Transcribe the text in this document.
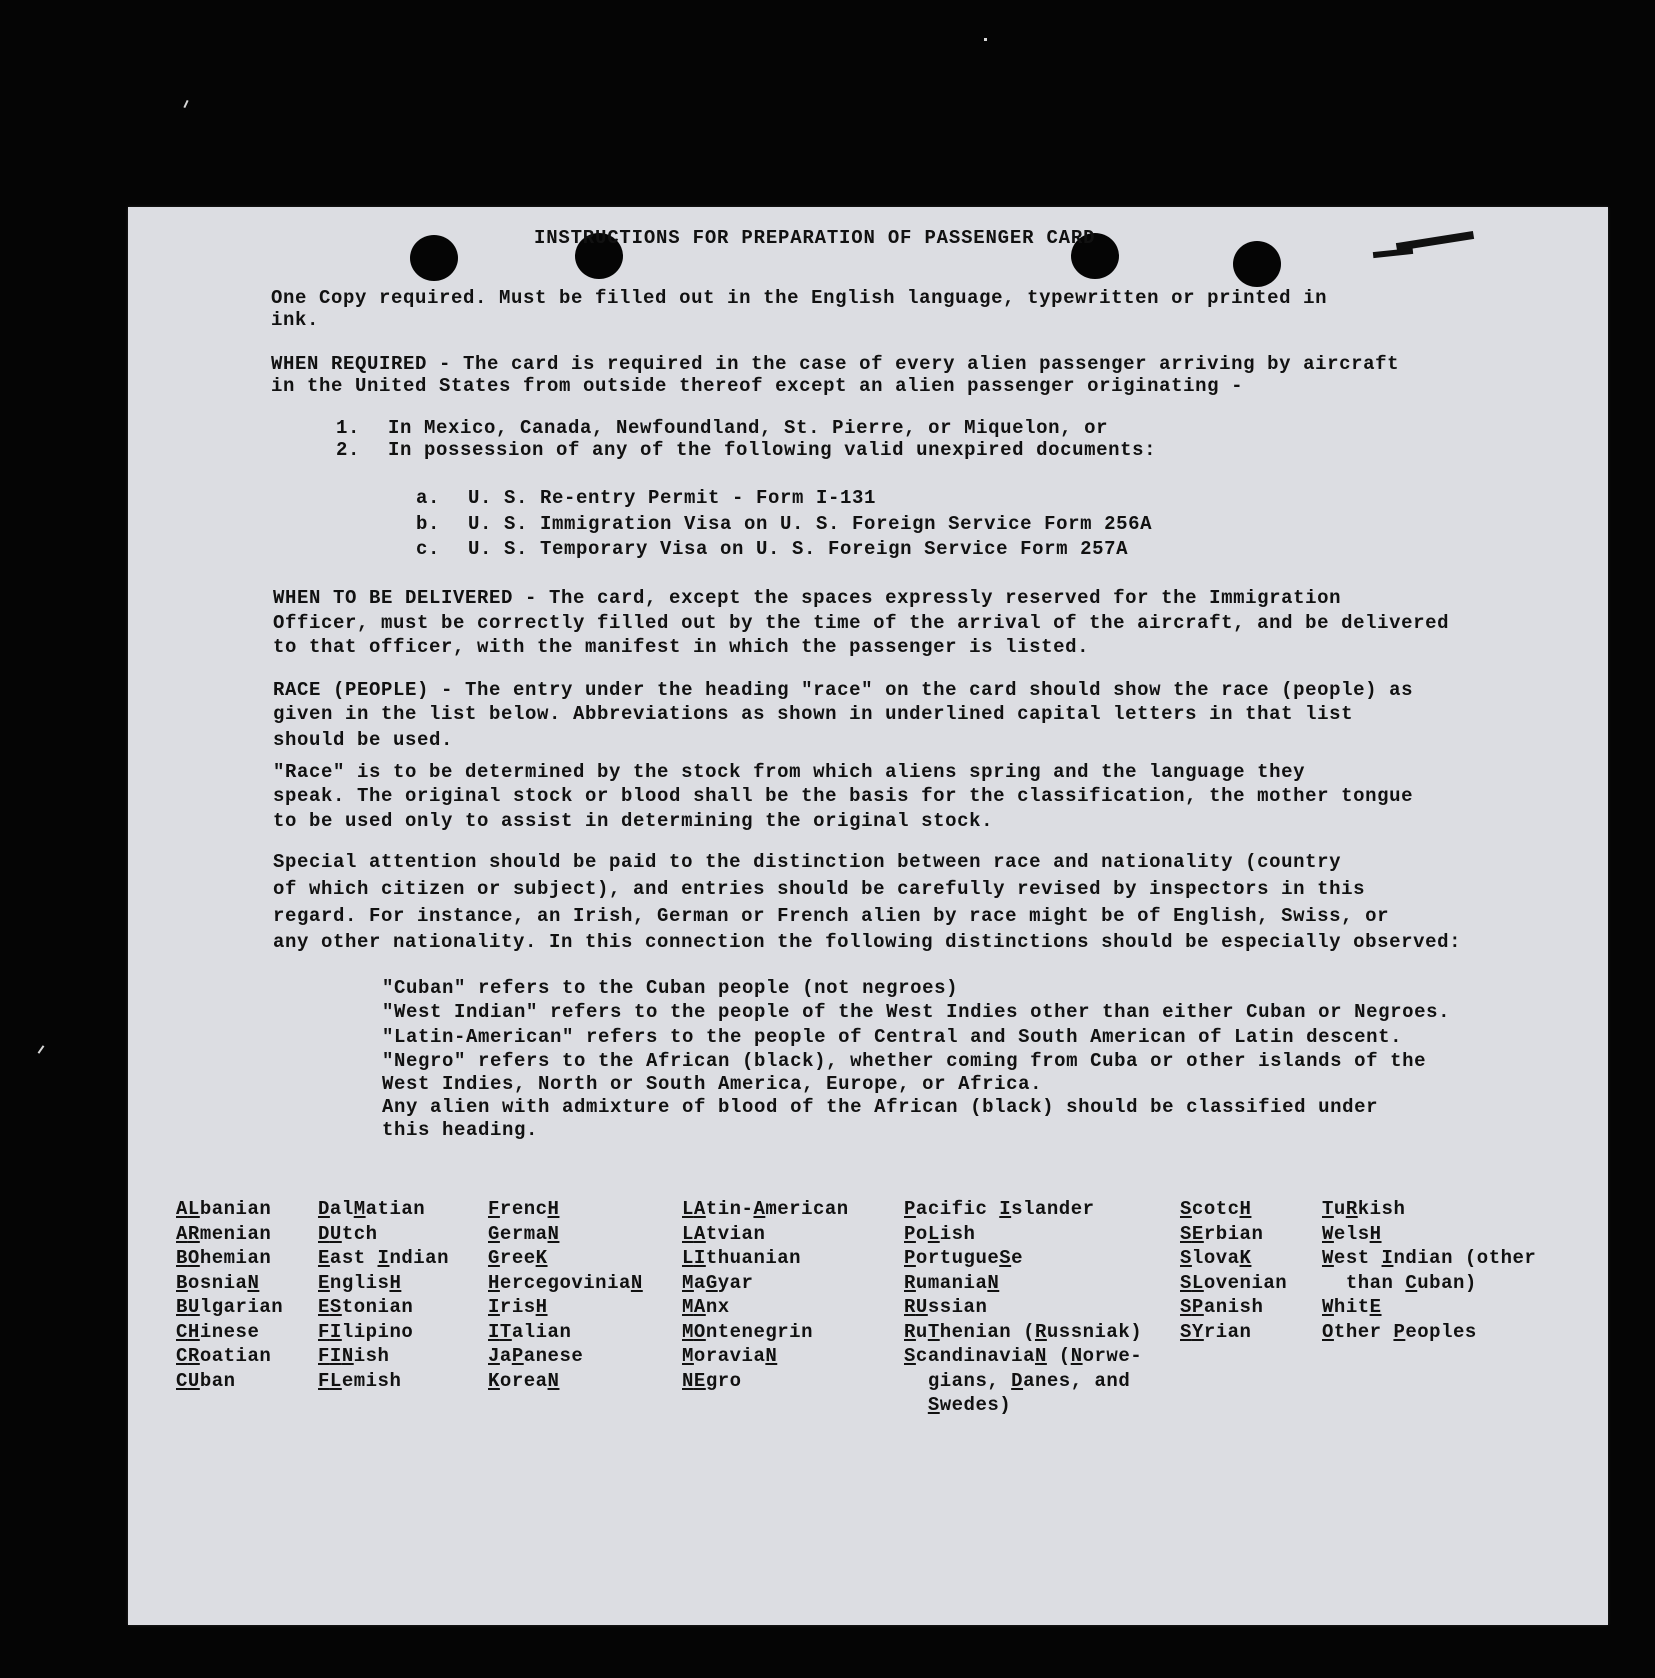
INSTRUCTIONS FOR PREPARATION OF PASSENGER CARD
One Copy required. Must be filled out in the English language, typewritten or printed in
ink.
WHEN REQUIRED - The card is required in the case of every alien passenger arriving by aircraft
in the United States from outside thereof except an alien passenger originating -
1. In Mexico, Canada, Newfoundland, St. Pierre, or Miquelon, or
2. In possession of any of the following valid unexpired documents:
a. U. S. Re-entry Permit - Form I-131
b. U. S. Immigration Visa on U. S. Foreign Service Form 256A
c. U. S. Temporary Visa on U. S. Foreign Service Form 257A
WHEN TO BE DELIVERED - The card, except the spaces expressly reserved for the Immigration
Officer, must be correctly filled out by the time of the arrival of the aircraft, and be delivered
to that officer, with the manifest in which the passenger is listed.
RACE (PEOPLE) - The entry under the heading "race" on the card should show the race (people) as
given in the list below. Abbreviations as shown in underlined capital letters in that list
should be used.
"Race" is to be determined by the stock from which aliens spring and the language they
speak. The original stock or blood shall be the basis for the classification, the mother tongue
to be used only to assist in determining the original stock.
Special attention should be paid to the distinction between race and nationality (country
of which citizen or subject), and entries should be carefully revised by inspectors in this
regard. For instance, an Irish, German or French alien by race might be of English, Swiss, or
any other nationality. In this connection the following distinctions should be especially observed:
"Cuban" refers to the Cuban people (not negroes)
"West Indian" refers to the people of the West Indies other than either Cuban or Negroes.
"Latin-American" refers to the people of Central and South American of Latin descent.
"Negro" refers to the African (black), whether coming from Cuba or other islands of the
West Indies, North or South America, Europe, or Africa.
Any alien with admixture of blood of the African (black) should be classified under
this heading.
ALbanian
ARmenian
BOhemian
BosniaN
BUlgarian
CHinese
CRoatian
CUban
DalMatian
DUtch
East Indian
EnglisH
EStonian
FIlipino
FINish
FLemish
FrencH
GermaN
GreeK
HercegoviniaN
IrisH
ITalian
JaPanese
KoreaN
LAtin-American
LAtvian
LIthuanian
MaGyar
MAnx
MOntenegrin
MoraviaN
NEgro
Pacific Islander
PoLish
PortugueSe
RumaniaN
RUssian
RuThenian (Russniak)
ScandinaviaN (Norwe-
gians, Danes, and
Swedes)
ScotcH
SErbian
SlovaK
SLovenian
SPanish
SYrian
TuRkish
WelsH
West Indian (other
than Cuban)
WhitE
Other Peoples
